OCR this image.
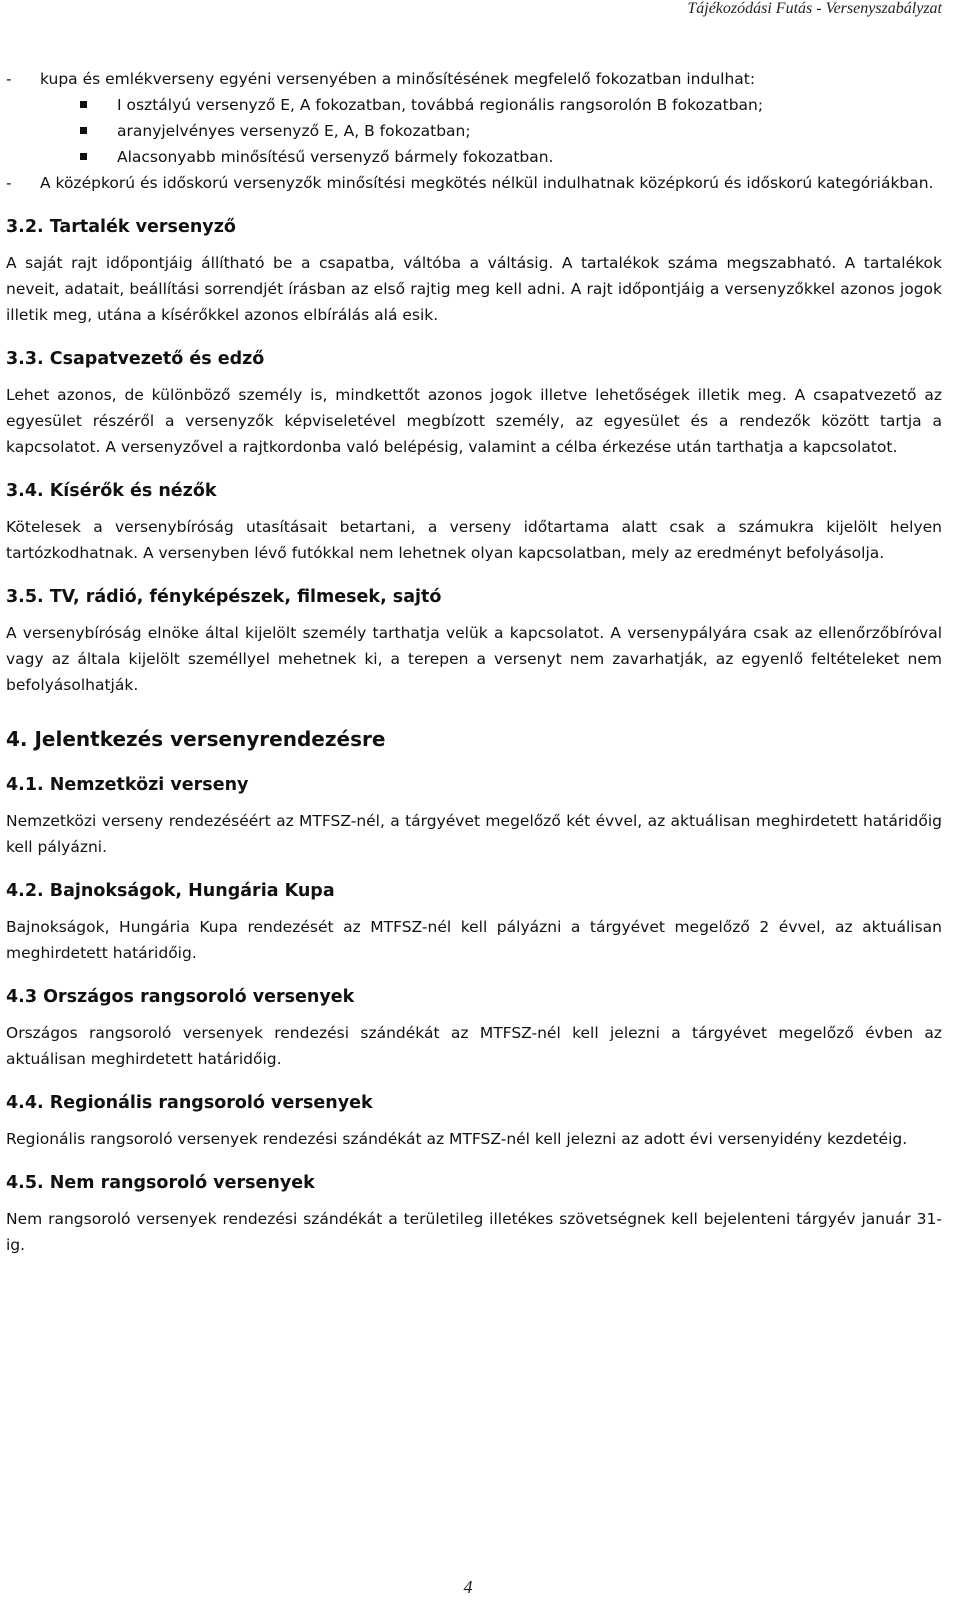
Tájékozódási Futás - Versenyszabályzat
-	kupa és emlékverseny egyéni versenyében a minősítésének megfelelő fokozatban indulhat:
I osztályú versenyző E, A fokozatban, továbbá regionális rangsorolón B fokozatban;
aranyjelvényes versenyző E, A, B fokozatban;
Alacsonyabb minősítésű versenyző bármely fokozatban.
-	A középkorú és időskorú versenyzők minősítési megkötés nélkül indulhatnak középkorú és időskorú kategóriákban.
3.2. Tartalék versenyző

A saját rajt időpontjáig állítható be a csapatba, váltóba a váltásig. A tartalékok száma megszabható. A tartalékok neveit, adatait, beállítási sorrendjét írásban az első rajtig meg kell adni. A rajt időpontjáig a versenyzőkkel azonos jogok illetik meg, utána a kísérőkkel azonos elbírálás alá esik.

3.3. Csapatvezető és edző

Lehet azonos, de különböző személy is, mindkettőt azonos jogok illetve lehetőségek illetik meg. A csapatvezető az egyesület részéről a versenyzők képviseletével megbízott személy, az egyesület és a rendezők között tartja a kapcsolatot. A versenyzővel a rajtkordonba való belépésig, valamint a célba érkezése után tarthatja a kapcsolatot.

3.4. Kísérők és nézők

Kötelesek a versenybíróság utasításait betartani, a verseny időtartama alatt csak a számukra kijelölt helyen tartózkodhatnak. A versenyben lévő futókkal nem lehetnek olyan kapcsolatban, mely az eredményt befolyásolja.

3.5. TV, rádió, fényképészek, filmesek, sajtó

A versenybíróság elnöke által kijelölt személy tarthatja velük a kapcsolatot. A versenypályára csak az ellenőrzőbíróval vagy az általa kijelölt személlyel mehetnek ki, a terepen a versenyt nem zavarhatják, az egyenlő feltételeket nem befolyásolhatják.

4. Jelentkezés versenyrendezésre
4.1. Nemzetközi verseny

Nemzetközi verseny rendezéséért az MTFSZ-nél, a tárgyévet megelőző két évvel, az aktuálisan meghirdetett határidőig kell pályázni.

4.2. Bajnokságok, Hungária Kupa

Bajnokságok, Hungária Kupa rendezését az MTFSZ-nél kell pályázni a tárgyévet megelőző 2 évvel, az aktuálisan meghirdetett határidőig.

4.3 Országos rangsoroló versenyek

Országos rangsoroló versenyek rendezési szándékát az MTFSZ-nél kell jelezni a tárgyévet megelőző évben az aktuálisan meghirdetett határidőig.

4.4. Regionális rangsoroló versenyek

Regionális rangsoroló versenyek rendezési szándékát az MTFSZ-nél kell jelezni az adott évi versenyidény kezdetéig.

4.5. Nem rangsoroló versenyek

Nem rangsoroló versenyek rendezési szándékát a területileg illetékes szövetségnek kell bejelenteni tárgyév január 31-ig.

4
